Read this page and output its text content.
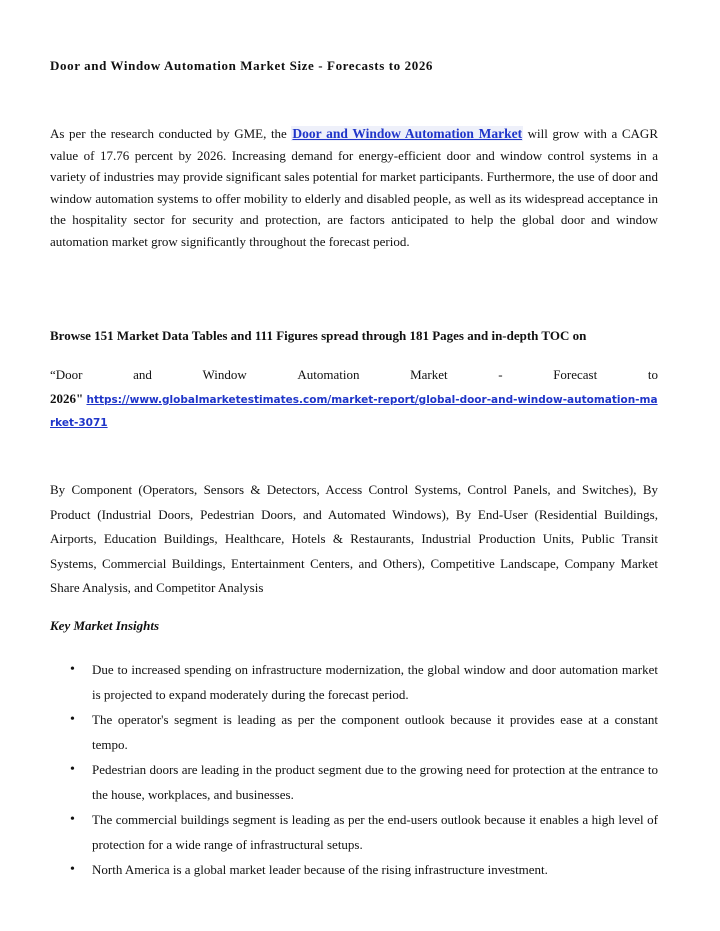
Door and Window Automation Market Size - Forecasts to 2026

As per the research conducted by GME, the Door and Window Automation Market will grow with a CAGR value of 17.76 percent by 2026. Increasing demand for energy-efficient door and window control systems in a variety of industries may provide significant sales potential for market participants. Furthermore, the use of door and window automation systems to offer mobility to elderly and disabled people, as well as its widespread acceptance in the hospitality sector for security and protection, are factors anticipated to help the global door and window automation market grow significantly throughout the forecast period.

Browse 151 Market Data Tables and 111 Figures spread through 181 Pages and in-depth TOC on

“Door	and	Window	Automation	Market	-	Forecast	to
2026" https://www.globalmarketestimates.com/market-report/global-door-and-window-automation-market-3071

By Component (Operators, Sensors & Detectors, Access Control Systems, Control Panels, and Switches), By Product (Industrial Doors, Pedestrian Doors, and Automated Windows), By End-User (Residential Buildings, Airports, Education Buildings, Healthcare, Hotels & Restaurants, Industrial Production Units, Public Transit Systems, Commercial Buildings, Entertainment Centers, and Others), Competitive Landscape, Company Market Share Analysis, and Competitor Analysis

Key Market Insights

•	Due to increased spending on infrastructure modernization, the global window and door automation market is projected to expand moderately during the forecast period.
•	The operator's segment is leading as per the component outlook because it provides ease at a constant tempo.
•	Pedestrian doors are leading in the product segment due to the growing need for protection at the entrance to the house, workplaces, and businesses.
•	The commercial buildings segment is leading as per the end-users outlook because it enables a high level of protection for a wide range of infrastructural setups.
•	North America is a global market leader because of the rising infrastructure investment.
